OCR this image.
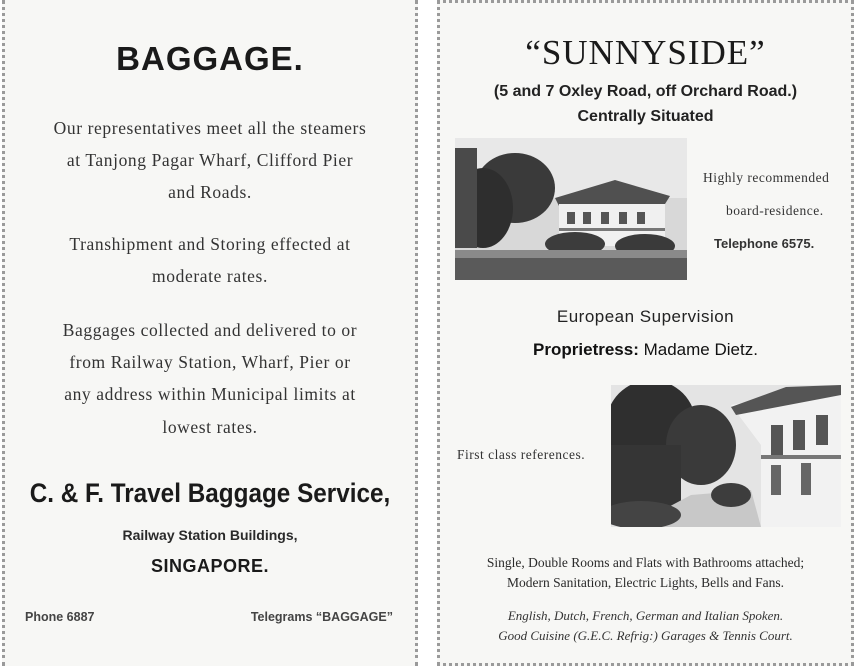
BAGGAGE.
Our representatives meet all the steamers
at Tanjong Pagar Wharf, Clifford Pier
and Roads.
Transhipment and Storing effected at
moderate rates.
Baggages collected and delivered to or
from Railway Station, Wharf, Pier or
any address within Municipal limits at
lowest rates.
C. & F. Travel Baggage Service,
Railway Station Buildings,
SINGAPORE.
Phone 6887	Telegrams “BAGGAGE”
“SUNNYSIDE”
(5 and 7 Oxley Road, off Orchard Road.)
Centrally Situated
Highly recommended
board-residence.
Telephone 6575.
European Supervision
Proprietress: Madame Dietz.
First class references.
Single, Double Rooms and Flats with Bathrooms attached;
Modern Sanitation, Electric Lights, Bells and Fans.
English, Dutch, French, German and Italian Spoken.
Good Cuisine (G.E.C. Refrig:) Garages & Tennis Court.
